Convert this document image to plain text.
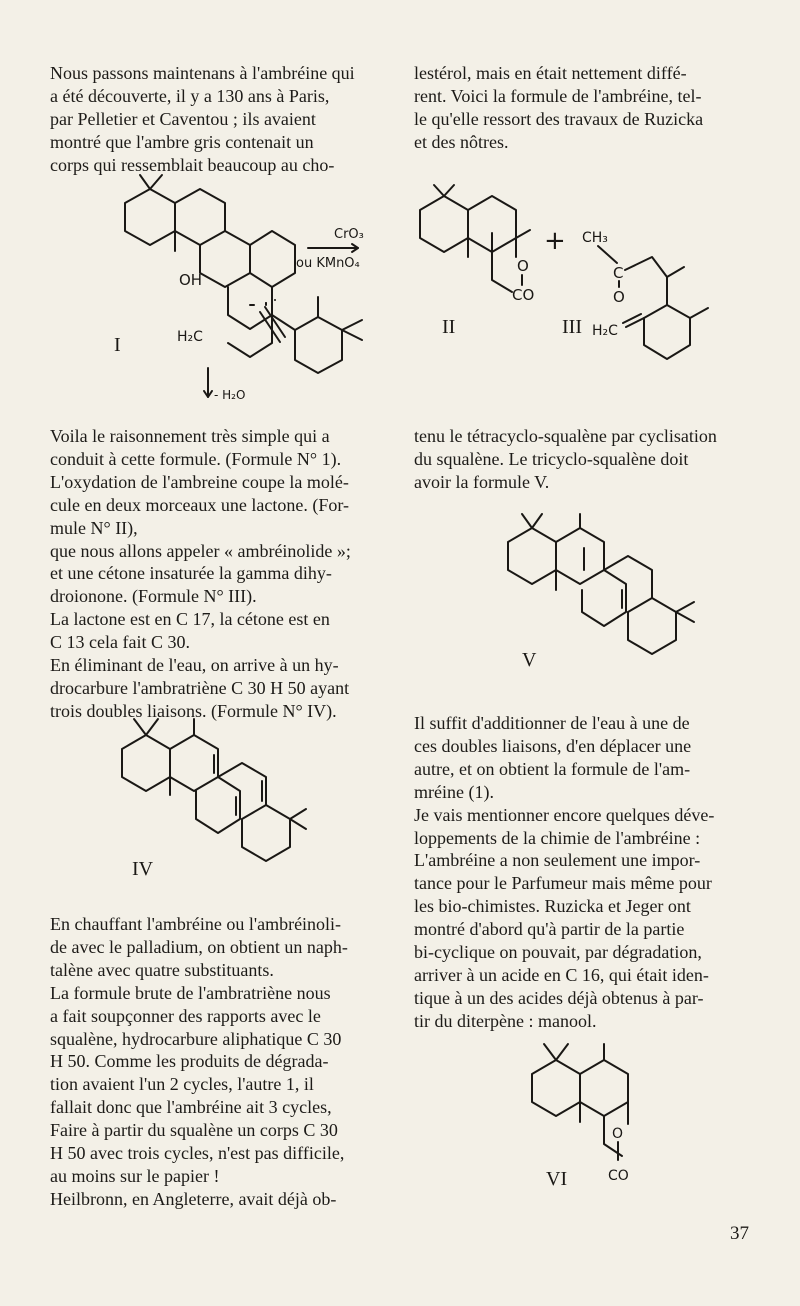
Nous passons maintenans à l'ambréine qui

a été découverte, il y a 130 ans à Paris,

par Pelletier et Caventou ; ils avaient

montré que l'ambre gris contenait un

corps qui ressemblait beaucoup au cho-

Voila le raisonnement très simple qui a

conduit à cette formule. (Formule N° 1).

L'oxydation de l'ambreine coupe la molé-

cule en deux morceaux une lactone. (For-

mule N° II),

que nous allons appeler « ambréinolide »;

et une cétone insaturée la gamma dihy-

droionone. (Formule N° III).

La lactone est en C 17, la cétone est en

C 13 cela fait C 30.

En éliminant de l'eau, on arrive à un hy-

drocarbure l'ambratriène C 30 H 50 ayant

trois doubles liaisons. (Formule N° IV).

En chauffant l'ambréine ou l'ambréinoli-

de avec le palladium, on obtient un naph-

talène avec quatre substituants.

La formule brute de l'ambratriène nous

a fait soupçonner des rapports avec le

squalène, hydrocarbure aliphatique C 30

H 50. Comme les produits de dégrada-

tion avaient l'un 2 cycles, l'autre 1, il

fallait donc que l'ambréine ait 3 cycles,

Faire à partir du squalène un corps C 30

H 50 avec trois cycles, n'est pas difficile,

au moins sur le papier !

Heilbronn, en Angleterre, avait déjà ob-

lestérol, mais en était nettement diffé-

rent. Voici la formule de l'ambréine, tel-

le qu'elle ressort des travaux de Ruzicka

et des nôtres.

tenu le tétracyclo-squalène par cyclisation

du squalène. Le tricyclo-squalène doit

avoir la formule V.

Il suffit d'additionner de l'eau à une de

ces doubles liaisons, d'en déplacer une

autre, et on obtient la formule de l'am-

mréine (1).

Je vais mentionner encore quelques déve-

loppements de la chimie de l'ambréine :

L'ambréine a non seulement une impor-

tance pour le Parfumeur mais même pour

les bio-chimistes. Ruzicka et Jeger ont

montré d'abord qu'à partir de la partie

bi-cyclique on pouvait, par dégradation,

arriver à un acide en C 16, qui était iden-

tique à un des acides déjà obtenus à par-

tir du diterpène : manool.

OH
H₂C
CrO₃
ou KMnO₄
- H₂O
I
O
CO
II
+ CH₃
C
O
H₂C
III
V
IV
O
CO
VI
37
